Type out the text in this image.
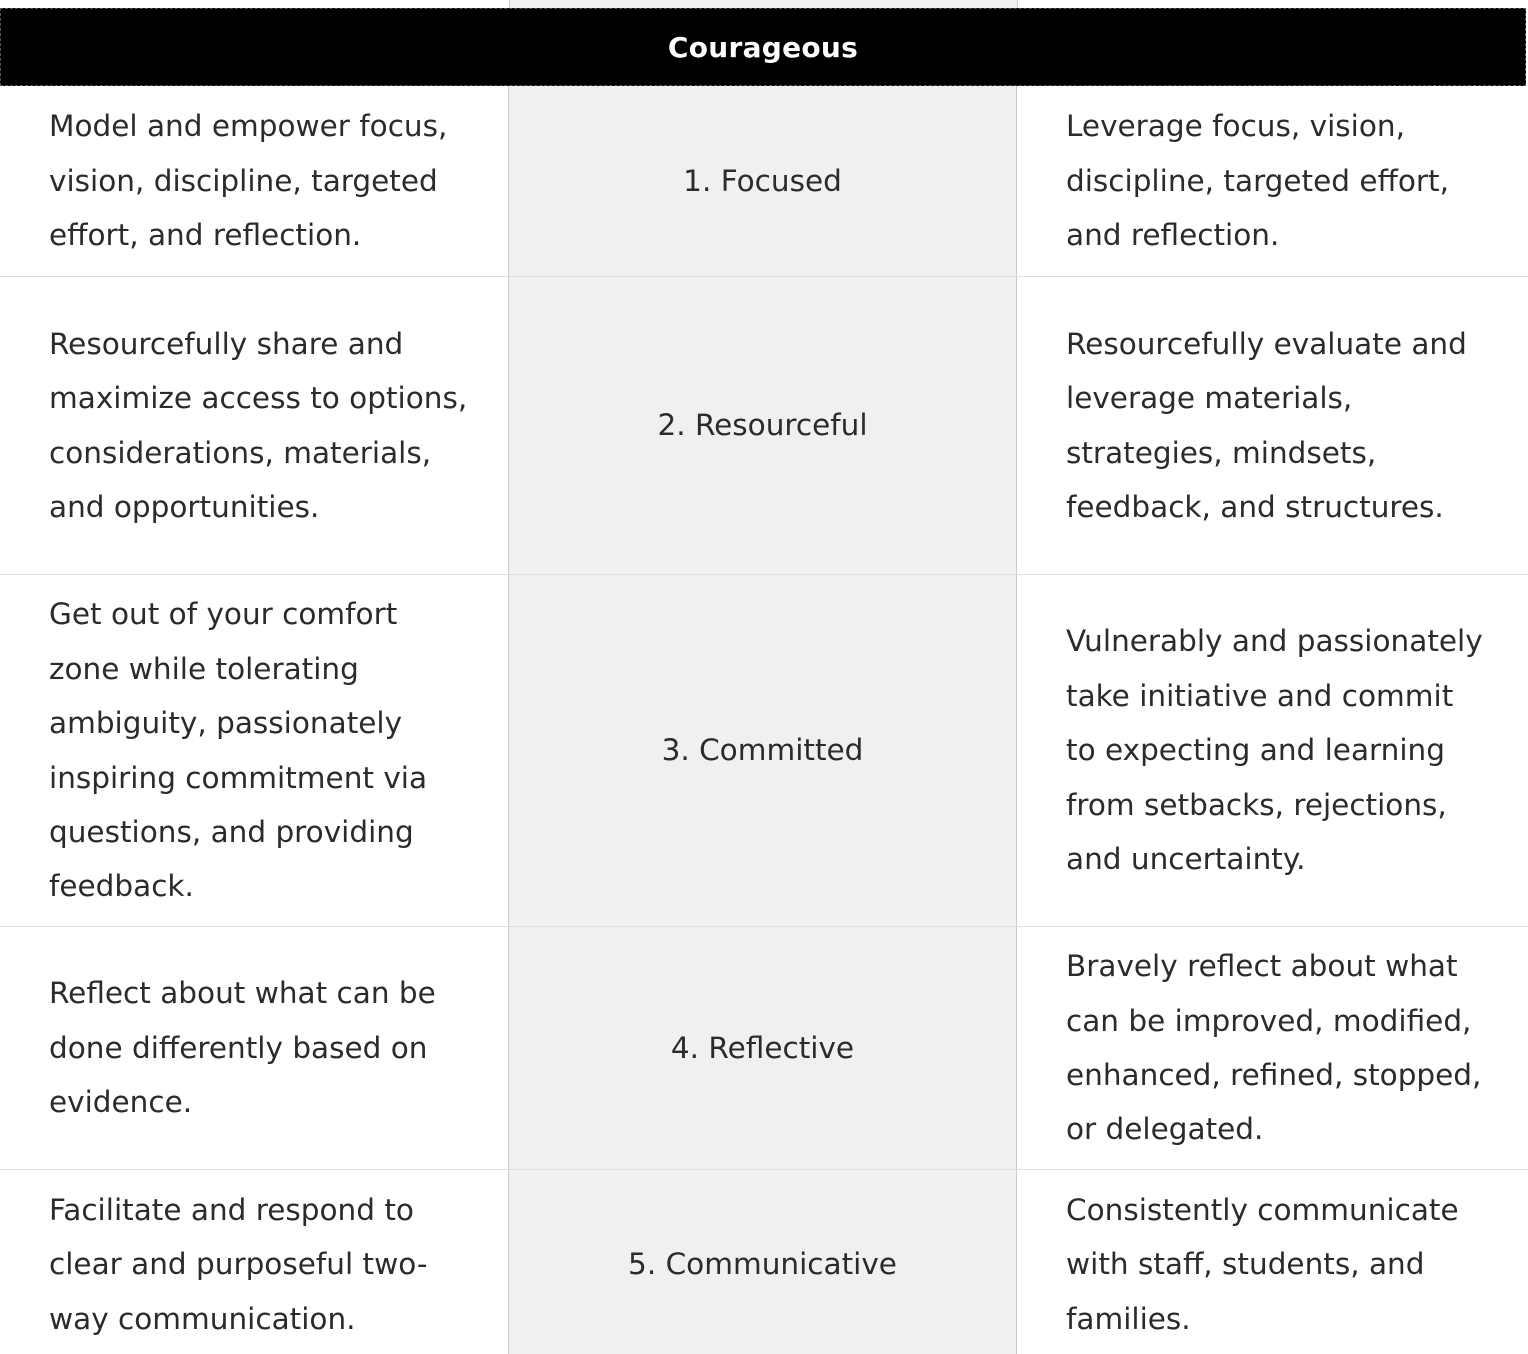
Courageous
Model and empower focus, vision, discipline, targeted effort, and reflection.
1. Focused
Leverage focus, vision, discipline, targeted effort, and reflection.
Resourcefully share and maximize access to options, considerations, materials, and opportunities.
2. Resourceful
Resourcefully evaluate and leverage materials, strategies, mindsets, feedback, and structures.
Get out of your comfort zone while tolerating ambiguity, passionately inspiring commitment via questions, and providing feedback.
3. Committed
Vulnerably and passionately take initiative and commit to expecting and learning from setbacks, rejections, and uncertainty.
Reflect about what can be done differently based on evidence.
4. Reflective
Bravely reflect about what can be improved, modified, enhanced, refined, stopped, or delegated.
Facilitate and respond to clear and purposeful two-way communication.
5. Communicative
Consistently communicate with staff, students, and families.
